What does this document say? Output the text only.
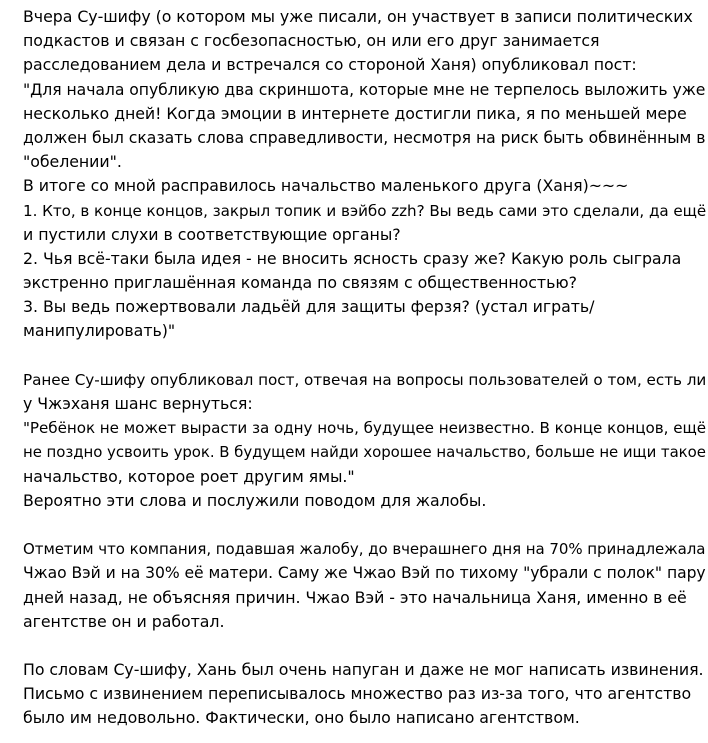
Вчера Су-шифу (о котором мы уже писали, он участвует в записи политических
подкастов и связан с госбезопасностью, он или его друг занимается
расследованием дела и встречался со стороной Ханя) опубликовал пост:
"Для начала опубликую два скриншота, которые мне не терпелось выложить уже
несколько дней! Когда эмоции в интернете достигли пика, я по меньшей мере
должен был сказать слова справедливости, несмотря на риск быть обвинённым в
"обелении".
В итоге со мной расправилось начальство маленького друга (Ханя)~~~
1. Кто, в конце концов, закрыл топик и вэйбо zzh? Вы ведь сами это сделали, да ещё
и пустили слухи в соответствующие органы?
2. Чья всё-таки была идея - не вносить ясность сразу же? Какую роль сыграла
экстренно приглашённая команда по связям с общественностью?
3. Вы ведь пожертвовали ладьёй для защиты ферзя? (устал играть/
манипулировать)"
Ранее Су-шифу опубликовал пост, отвечая на вопросы пользователей о том, есть ли
у Чжэханя шанс вернуться:
"Ребёнок не может вырасти за одну ночь, будущее неизвестно. В конце концов, ещё
не поздно усвоить урок. В будущем найди хорошее начальство, больше не ищи такое
начальство, которое роет другим ямы."
Вероятно эти слова и послужили поводом для жалобы.
Отметим что компания, подавшая жалобу, до вчерашнего дня на 70% принадлежала
Чжао Вэй и на 30% её матери. Саму же Чжао Вэй по тихому "убрали с полок" пару
дней назад, не объясняя причин. Чжао Вэй - это начальница Ханя, именно в её
агентстве он и работал.
По словам Су-шифу, Хань был очень напуган и даже не мог написать извинения.
Письмо с извинением переписывалось множество раз из-за того, что агентство
было им недовольно. Фактически, оно было написано агентством.
